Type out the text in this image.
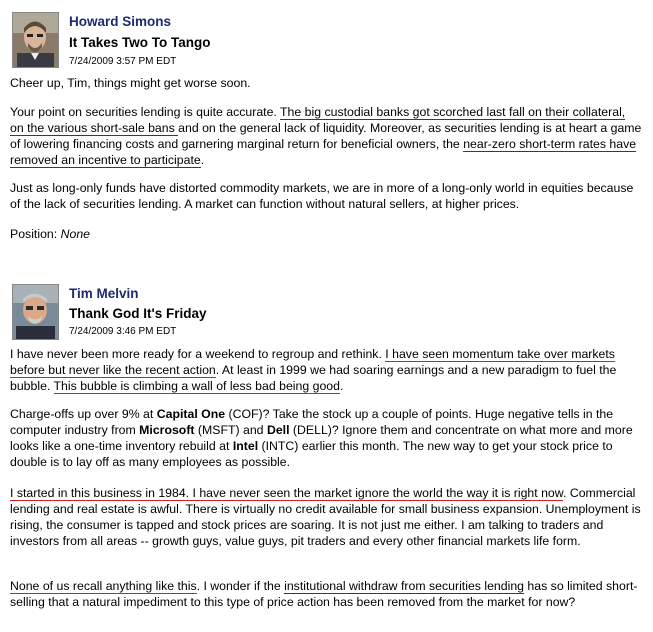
Howard Simons
It Takes Two To Tango
7/24/2009 3:57 PM EDT

Cheer up, Tim, things might get worse soon.

Your point on securities lending is quite accurate. The big custodial banks got scorched last fall on their collateral, on the various short-sale bans and on the general lack of liquidity. Moreover, as securities lending is at heart a game of lowering financing costs and garnering marginal return for beneficial owners, the near-zero short-term rates have removed an incentive to participate.

Just as long-only funds have distorted commodity markets, we are in more of a long-only world in equities because of the lack of securities lending. A market can function without natural sellers, at higher prices.

Position: None

Tim Melvin
Thank God It's Friday
7/24/2009 3:46 PM EDT

I have never been more ready for a weekend to regroup and rethink. I have seen momentum take over markets before but never like the recent action. At least in 1999 we had soaring earnings and a new paradigm to fuel the bubble. This bubble is climbing a wall of less bad being good.

Charge-offs up over 9% at Capital One (COF)? Take the stock up a couple of points. Huge negative tells in the computer industry from Microsoft (MSFT) and Dell (DELL)? Ignore them and concentrate on what more and more looks like a one-time inventory rebuild at Intel (INTC) earlier this month. The new way to get your stock price to double is to lay off as many employees as possible.

I started in this business in 1984. I have never seen the market ignore the world the way it is right now. Commercial lending and real estate is awful. There is virtually no credit available for small business expansion. Unemployment is rising, the consumer is tapped and stock prices are soaring. It is not just me either. I am talking to traders and investors from all areas -- growth guys, value guys, pit traders and every other financial markets life form.

None of us recall anything like this. I wonder if the institutional withdraw from securities lending has so limited short-selling that a natural impediment to this type of price action has been removed from the market for now?
